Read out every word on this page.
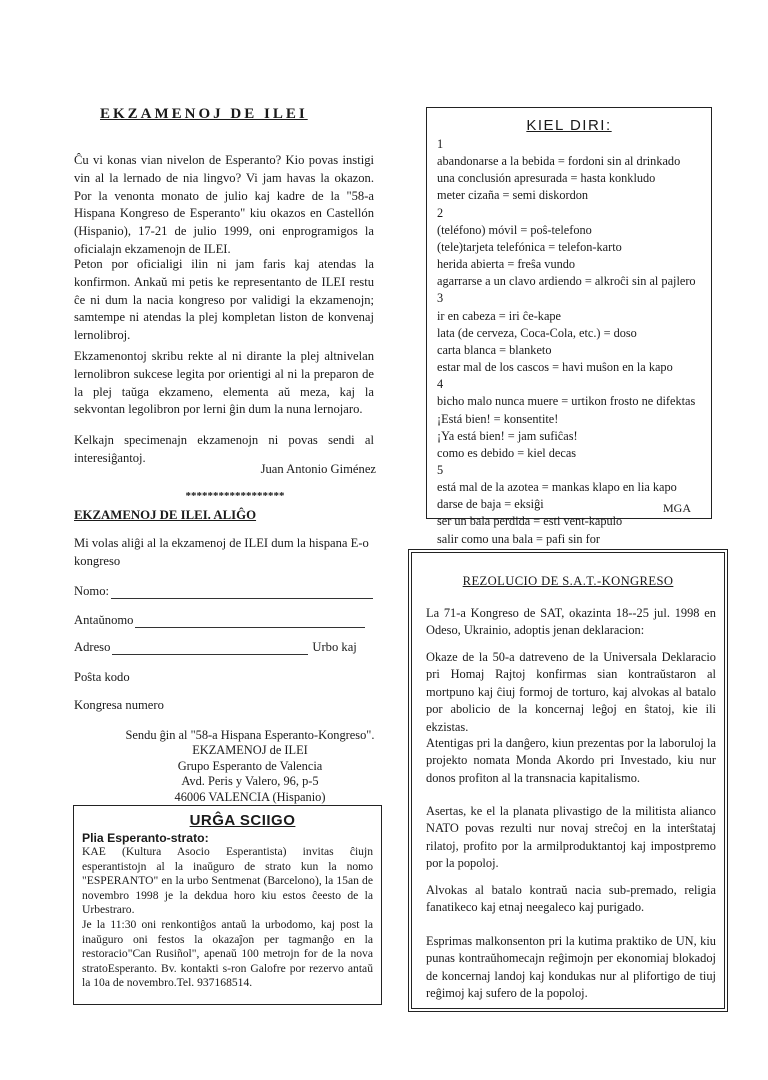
EKZAMENOJ DE ILEI

Ĉu vi konas vian nivelon de Esperanto? Kio povas instigi vin al la lernado de nia lingvo? Vi jam havas la okazon. Por la venonta monato de julio kaj kadre de la "58-a Hispana Kongreso de Esperanto" kiu okazos en Castellón (Hispanio), 17-21 de julio 1999, oni enprogramigos la oficialajn ekzamenojn de ILEI.

Peton por oficialigi ilin ni jam faris kaj atendas la konfirmon. Ankaŭ mi petis ke representanto de ILEI restu ĉe ni dum la nacia kongreso por validigi la ekzamenojn; samtempe ni atendas la plej kompletan liston de konvenaj lernolibroj.

Ekzamenontoj skribu rekte al ni dirante la plej altnivelan lernolibron sukcese legita por orientigi al ni la preparon de la plej taŭga ekzameno, elementa aŭ meza, kaj la sekvontan legolibron por lerni ĝin dum la nuna lernojaro.

Kelkajn specimenajn ekzamenojn ni povas sendi al interesiĝantoj.

Juan Antonio Giménez
******************
EKZAMENOJ DE ILEI. ALIĜO
Mi volas aliĝi al la ekzamenoj de ILEI dum la hispana E-o kongreso
Nomo:
Antaŭnomo
Adreso	Urbo kaj
Poŝta kodo
Kongresa numero
Sendu ĝin al "58-a Hispana Esperanto-Kongreso".
EKZAMENOJ de ILEI
Grupo Esperanto de Valencia
Avd. Peris y Valero, 96, p-5
46006 VALENCIA (Hispanio)
URĜA SCIIGO
Plia Esperanto-strato:

KAE (Kultura Asocio Esperantista) invitas ĉiujn esperantistojn al la inaŭguro de strato kun la nomo "ESPERANTO" en la urbo Sentmenat (Barcelono), la 15an de novembro 1998 je la dekdua horo kiu estos ĉeesto de la Urbestraro.

Je la 11:30 oni renkontiĝos antaŭ la urbodomo, kaj post la inaŭguro oni festos la okazaĵon per tagmanĝo en la restoracio"Can Rusiñol", apenaŭ 100 metrojn for de la nova stratoEsperanto. Bv. kontakti s-ron Galofre por rezervo antaŭ la 10a de novembro.Tel. 937168514.

KIEL DIRI:
1
abandonarse a la bebida = fordoni sin al drinkado
una conclusión apresurada = hasta konkludo
meter cizaña = semi diskordon
2
(teléfono) móvil = poŝ-telefono
(tele)tarjeta telefónica = telefon-karto
herida abierta = freŝa vundo
agarrarse a un clavo ardiendo = alkroĉi sin al pajlero
3
ir en cabeza = iri ĉe-kape
lata (de cerveza, Coca-Cola, etc.) = doso
carta blanca = blanketo
estar mal de los cascos = havi muŝon en la kapo
4
bicho malo nunca muere = urtikon frosto ne difektas
¡Está bien! = konsentite!
¡Ya está bien! = jam sufiĉas!
como es debido = kiel decas
5
está mal de la azotea = mankas klapo en lia kapo
darse de baja = eksiĝi
ser un bala perdida = esti vent-kapulo
salir como una bala = pafi sin for
MGA
REZOLUCIO DE S.A.T.-KONGRESO

La 71-a Kongreso de SAT, okazinta 18--25 jul. 1998 en Odeso, Ukrainio, adoptis jenan deklaracion:

Okaze de la 50-a datreveno de la Universala Deklaracio pri Homaj Rajtoj konfirmas sian kontraŭstaron al mortpuno kaj ĉiuj formoj de torturo, kaj alvokas al batalo por abolicio de la koncernaj leĝoj en ŝtatoj, kie ili ekzistas.

Atentigas pri la danĝero, kiun prezentas por la laboruloj la projekto nomata Monda Akordo pri Investado, kiu nur donos profiton al la transnacia kapitalismo.

Asertas, ke el la planata plivastigo de la militista alianco NATO povas rezulti nur novaj streĉoj en la interŝtataj rilatoj, profito por la armilproduktantoj kaj impostpremo por la popoloj.

Alvokas al batalo kontraŭ nacia sub-premado, religia fanatikeco kaj etnaj neegaleco kaj purigado.

Esprimas malkonsenton pri la kutima praktiko de UN, kiu punas kontraŭhomecajn reĝimojn per ekonomiaj blokadoj de koncernaj landoj kaj kondukas nur al plifortigo de tiuj reĝimoj kaj sufero de la popoloj.
